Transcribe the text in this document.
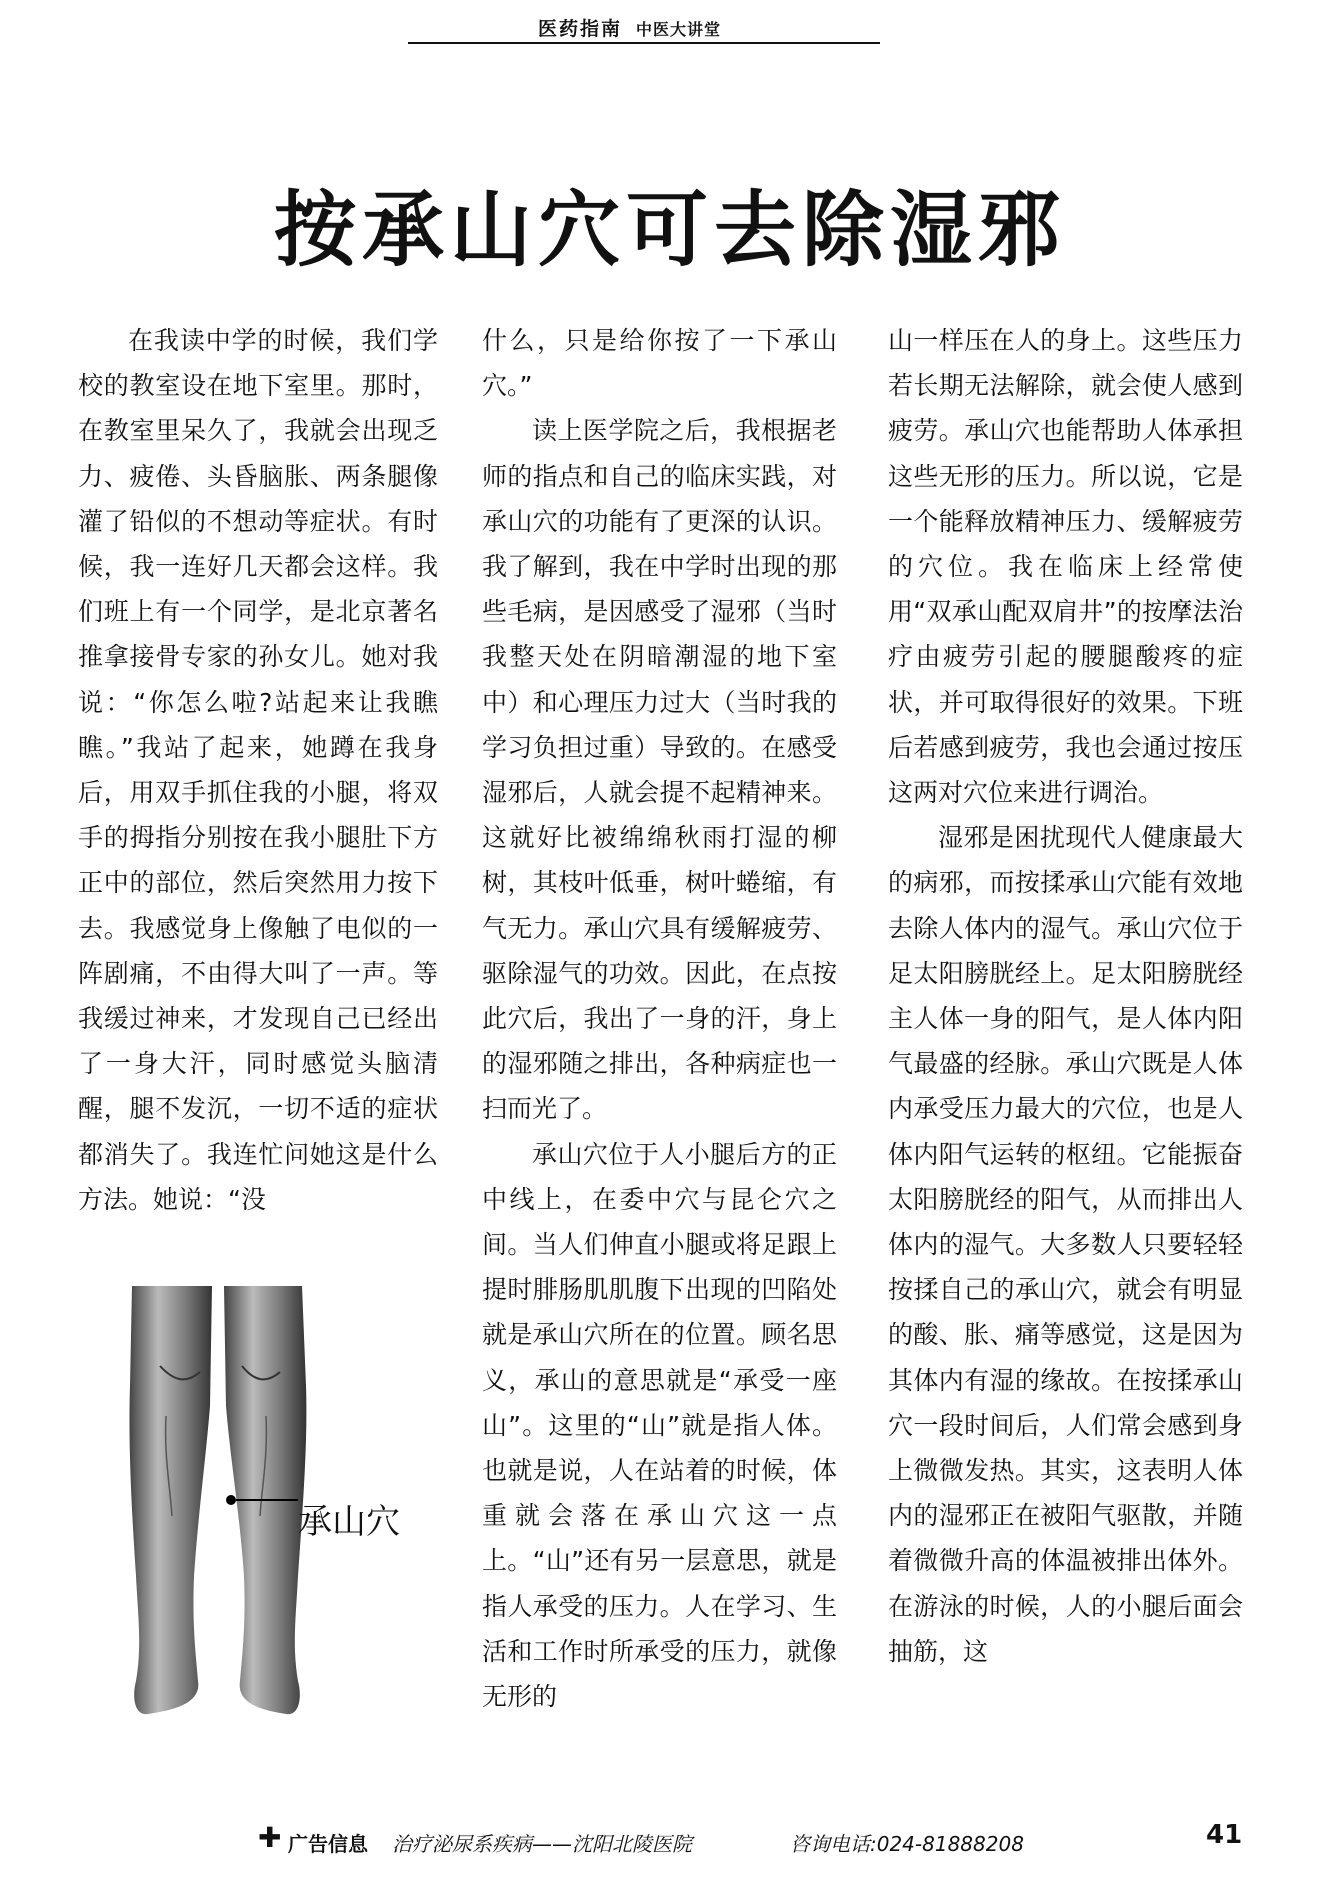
医药指南 中医大讲堂
按承山穴可去除湿邪

在我读中学的时候，我们学校的教室设在地下室里。那时，在教室里呆久了，我就会出现乏力、疲倦、头昏脑胀、两条腿像灌了铅似的不想动等症状。有时候，我一连好几天都会这样。我们班上有一个同学，是北京著名推拿接骨专家的孙女儿。她对我说：“你怎么啦?站起来让我瞧瞧。”我站了起来，她蹲在我身后，用双手抓住我的小腿，将双手的拇指分别按在我小腿肚下方正中的部位，然后突然用力按下去。我感觉身上像触了电似的一阵剧痛，不由得大叫了一声。等我缓过神来，才发现自己已经出了一身大汗，同时感觉头脑清醒，腿不发沉，一切不适的症状都消失了。我连忙问她这是什么方法。她说：“没

什么，只是给你按了一下承山穴。”

读上医学院之后，我根据老师的指点和自己的临床实践，对承山穴的功能有了更深的认识。我了解到，我在中学时出现的那些毛病，是因感受了湿邪（当时我整天处在阴暗潮湿的地下室中）和心理压力过大（当时我的学习负担过重）导致的。在感受湿邪后，人就会提不起精神来。这就好比被绵绵秋雨打湿的柳树，其枝叶低垂，树叶蜷缩，有气无力。承山穴具有缓解疲劳、驱除湿气的功效。因此，在点按此穴后，我出了一身的汗，身上的湿邪随之排出，各种病症也一扫而光了。

承山穴位于人小腿后方的正中线上，在委中穴与昆仑穴之间。当人们伸直小腿或将足跟上提时腓肠肌肌腹下出现的凹陷处就是承山穴所在的位置。顾名思义，承山的意思就是“承受一座山”。这里的“山”就是指人体。也就是说，人在站着的时候，体重就会落在承山穴这一点上。“山”还有另一层意思，就是指人承受的压力。人在学习、生活和工作时所承受的压力，就像无形的

山一样压在人的身上。这些压力若长期无法解除，就会使人感到疲劳。承山穴也能帮助人体承担这些无形的压力。所以说，它是一个能释放精神压力、缓解疲劳的穴位。我在临床上经常使用“双承山配双肩井”的按摩法治疗由疲劳引起的腰腿酸疼的症状，并可取得很好的效果。下班后若感到疲劳，我也会通过按压这两对穴位来进行调治。

湿邪是困扰现代人健康最大的病邪，而按揉承山穴能有效地去除人体内的湿气。承山穴位于足太阳膀胱经上。足太阳膀胱经主人体一身的阳气，是人体内阳气最盛的经脉。承山穴既是人体内承受压力最大的穴位，也是人体内阳气运转的枢纽。它能振奋太阳膀胱经的阳气，从而排出人体内的湿气。大多数人只要轻轻按揉自己的承山穴，就会有明显的酸、胀、痛等感觉，这是因为其体内有湿的缘故。在按揉承山穴一段时间后，人们常会感到身上微微发热。其实，这表明人体内的湿邪正在被阳气驱散，并随着微微升高的体温被排出体外。在游泳的时候，人的小腿后面会抽筋，这

承山穴
✚ 广告信息 治疗泌尿系疾病——沈阳北陵医院	咨询电话:024-81888208	41
